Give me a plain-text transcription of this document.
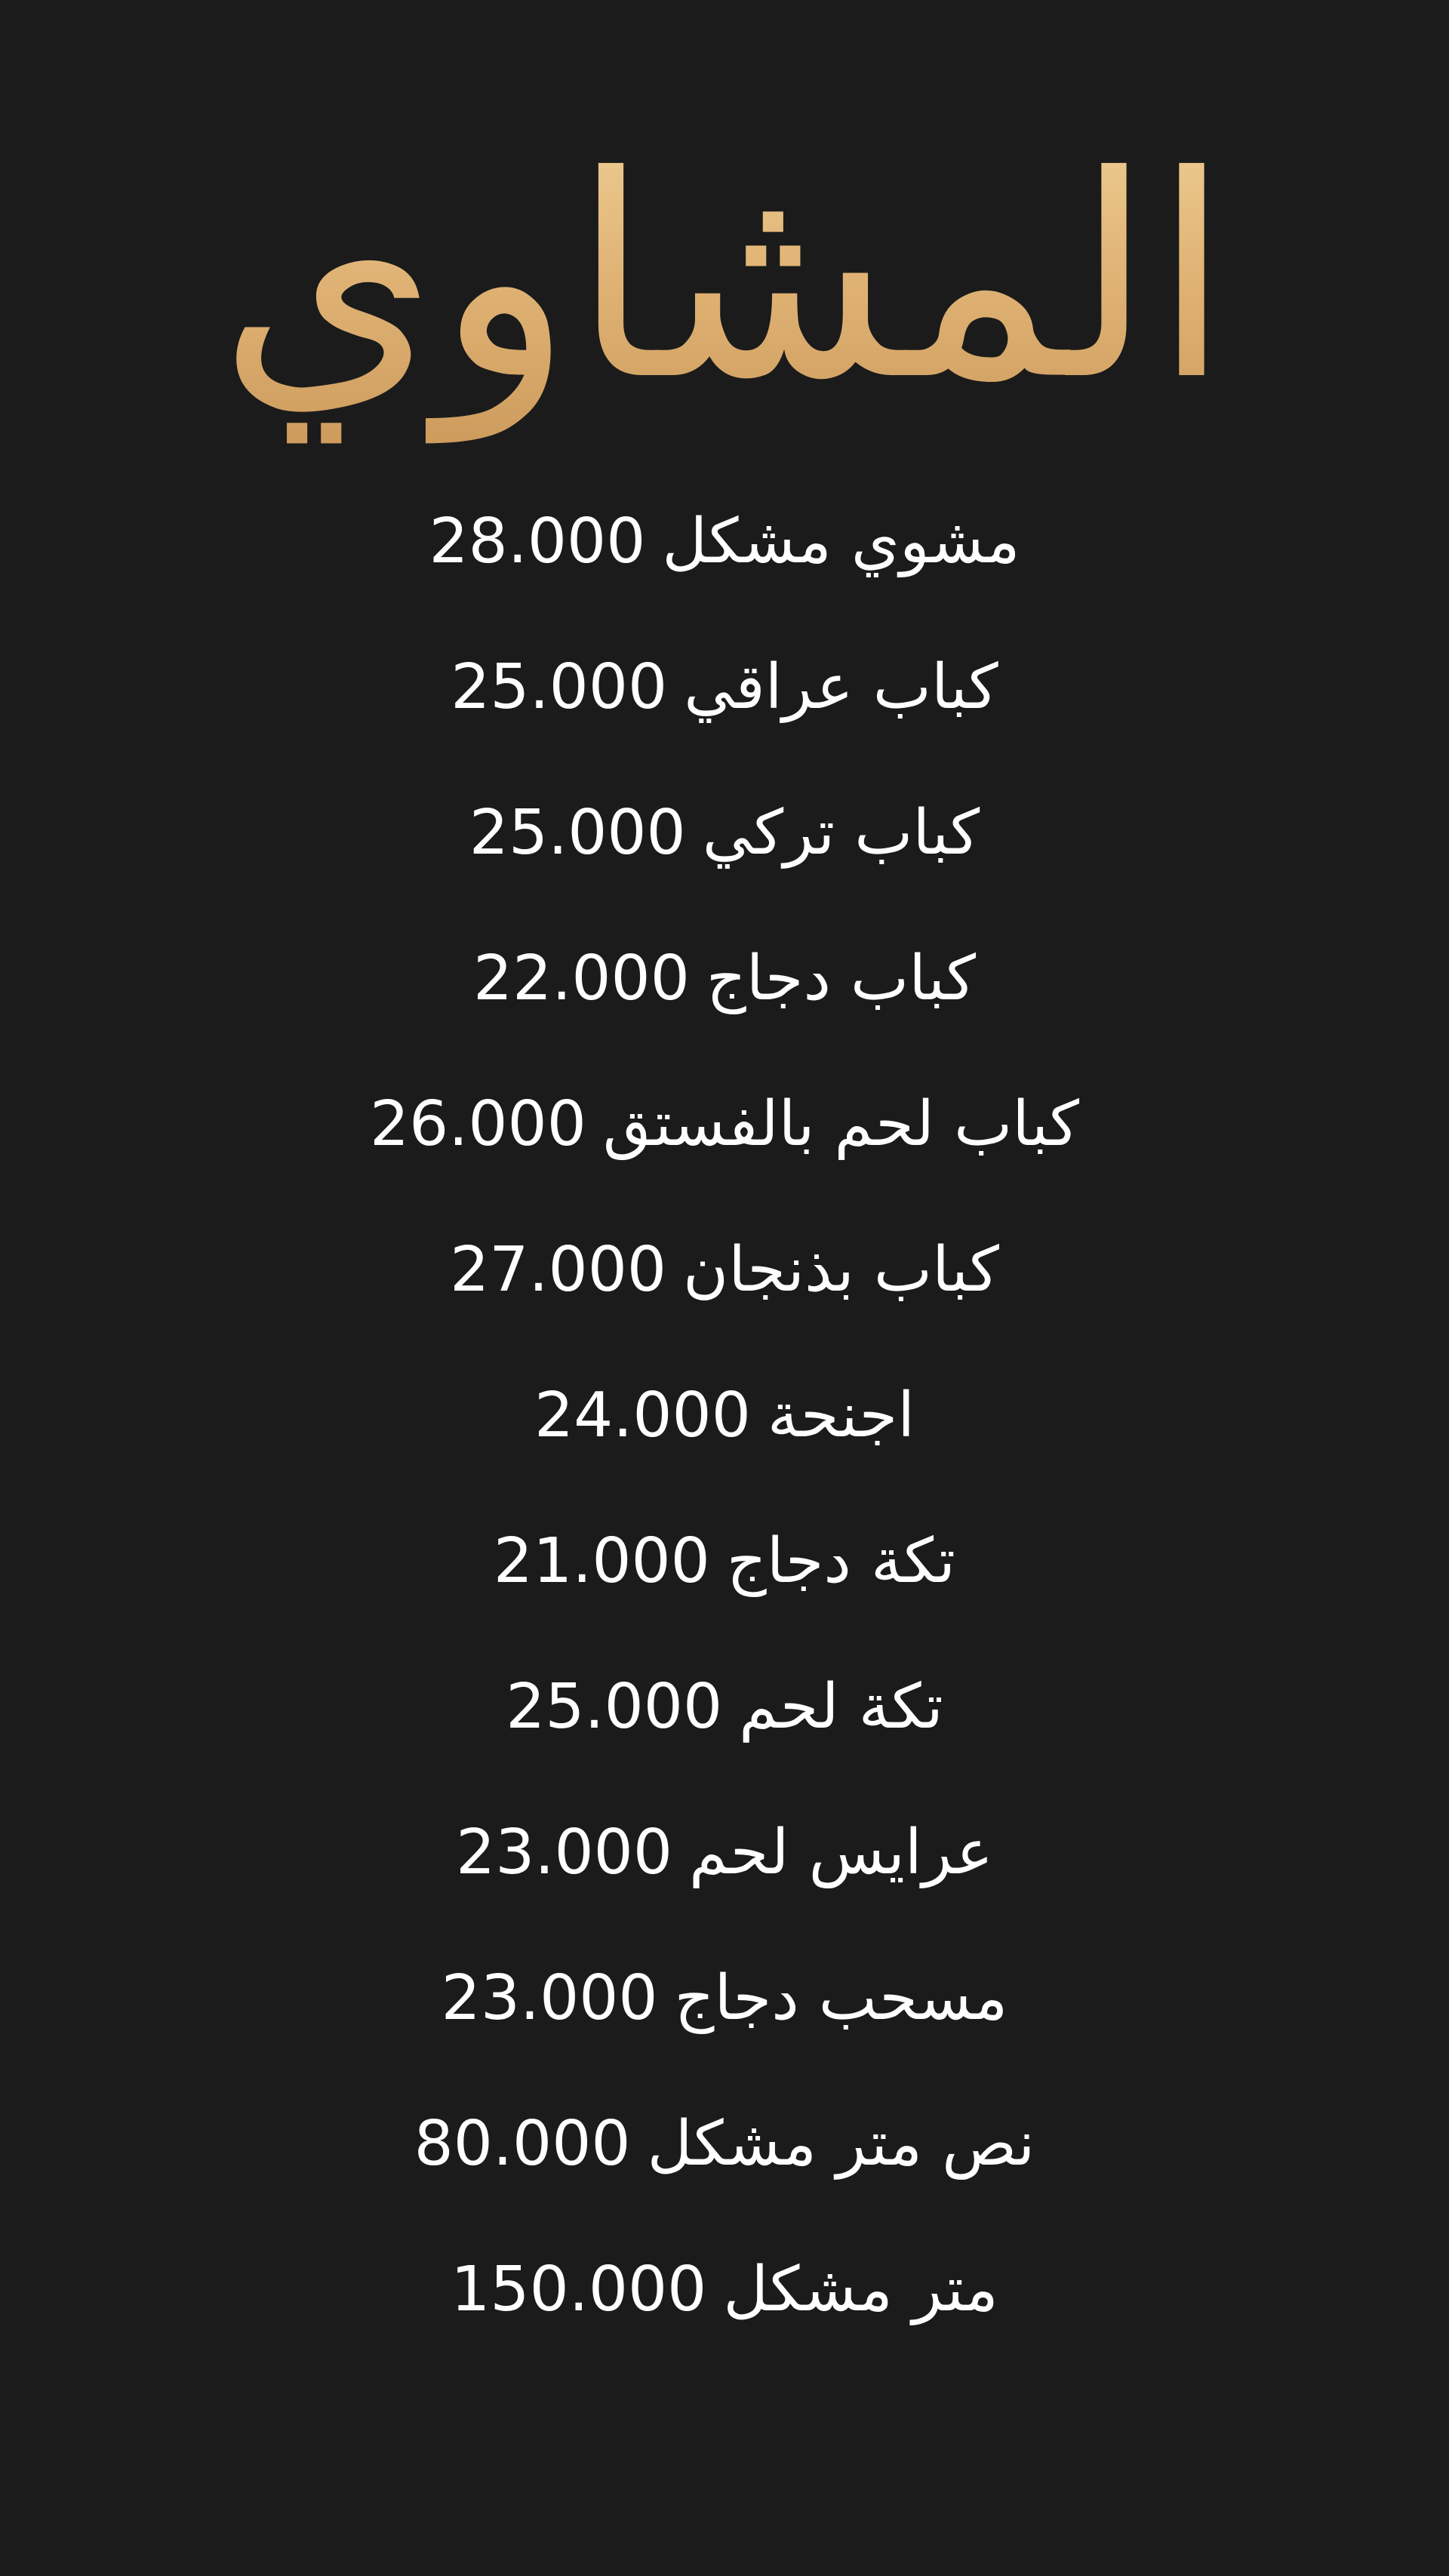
المشاوي
مشوي مشكل28.000
كباب عراقي25.000
كباب تركي25.000
كباب دجاج22.000
كباب لحم بالفستق26.000
كباب بذنجان27.000
اجنحة24.000
تكة دجاج21.000
تكة لحم25.000
عرايس لحم23.000
مسحب دجاج23.000
نص متر مشكل80.000
متر مشكل150.000
